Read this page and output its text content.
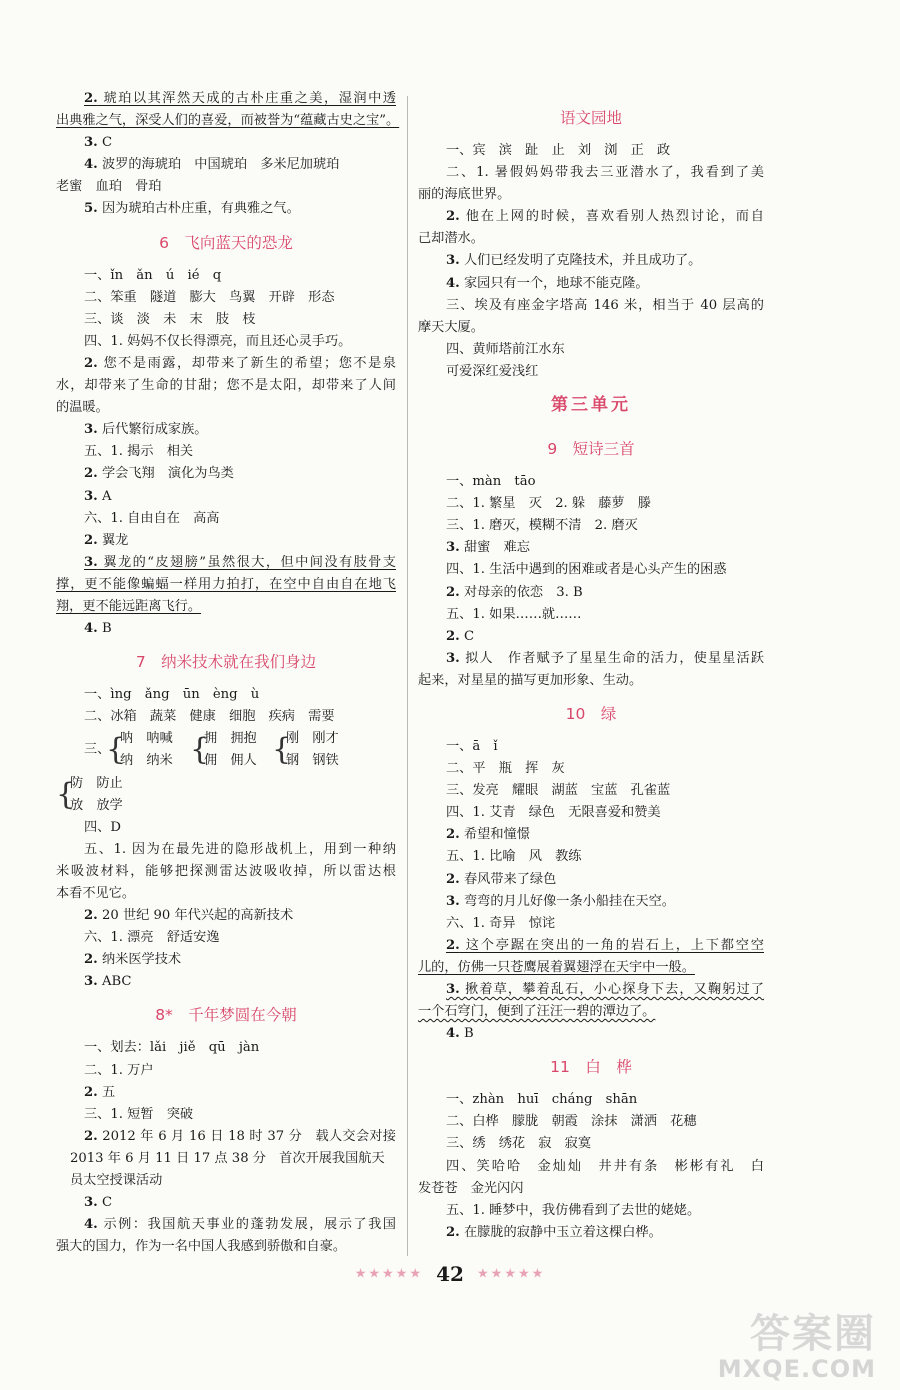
2. 琥珀以其浑然天成的古朴庄重之美，湿润中透
出典雅之气，深受人们的喜爱，而被誉为“蕴藏古史之宝”。
3. C
4. 波罗的海琥珀　中国琥珀　多米尼加琥珀
老蜜　血珀　骨珀
5. 因为琥珀古朴庄重，有典雅之气。
6　飞向蓝天的恐龙
一、ǐn　ǎn　ú　ié　q
二、笨重　隧道　膨大　鸟翼　开辟　形态
三、谈　淡　未　末　肢　枝
四、1. 妈妈不仅长得漂亮，而且还心灵手巧。
2. 您不是雨露，却带来了新生的希望；您不是泉
水，却带来了生命的甘甜；您不是太阳，却带来了人间
的温暖。
3. 后代繁衍成家族。
五、1. 揭示　相关
2. 学会飞翔　演化为鸟类
3. A
六、1. 自由自在　高高
2. 翼龙
3. 翼龙的“皮翅膀”虽然很大，但中间没有肢骨支
撑，更不能像蝙蝠一样用力拍打，在空中自由自在地飞
翔，更不能远距离飞行。
4. B
7　纳米技术就在我们身边
一、ìng　ǎng　ūn　èng　ù
二、冰箱　蔬菜　健康　细胞　疾病　需要
三、
{
呐　呐喊
纳　纳米 {
拥　拥抱
佣　佣人 {
刚　刚才
钢　钢铁
{
防　防止
放　放学
四、D
五、1. 因为在最先进的隐形战机上，用到一种纳
米吸波材料，能够把探测雷达波吸收掉，所以雷达根
本看不见它。
2. 20 世纪 90 年代兴起的高新技术
六、1. 漂亮　舒适安逸
2. 纳米医学技术
3. ABC
8*　千年梦圆在今朝
一、划去：lǎi　jiě　qū　jàn
二、1. 万户
2. 五
三、1. 短暂　突破
2. 2012 年 6 月 16 日 18 时 37 分　载人交会对接
2013 年 6 月 11 日 17 点 38 分　首次开展我国航天
员太空授课活动
3. C
4. 示例：我国航天事业的蓬勃发展，展示了我国
强大的国力，作为一名中国人我感到骄傲和自豪。
语文园地
一、宾　滨　趾　止　刘　浏　正　政
二、1. 暑假妈妈带我去三亚潜水了，我看到了美
丽的海底世界。
2. 他在上网的时候，喜欢看别人热烈讨论，而自
己却潜水。
3. 人们已经发明了克隆技术，并且成功了。
4. 家园只有一个，地球不能克隆。
三、埃及有座金字塔高 146 米，相当于 40 层高的
摩天大厦。
四、黄师塔前江水东
可爱深红爱浅红
第三单元
9　短诗三首
一、màn　tāo
二、1. 繁星　灭　2. 躲　藤萝　滕
三、1. 磨灭，模糊不清　2. 磨灭
3. 甜蜜　难忘
四、1. 生活中遇到的困难或者是心头产生的困惑
2. 对母亲的依恋　3. B
五、1. 如果……就……
2. C
3. 拟人　作者赋予了星星生命的活力，使星星活跃
起来，对星星的描写更加形象、生动。
10　绿
一、ā　ǐ
二、平　瓶　挥　灰
三、发亮　耀眼　湖蓝　宝蓝　孔雀蓝
四、1. 艾青　绿色　无限喜爱和赞美
2. 希望和憧憬
五、1. 比喻　风　教练
2. 春风带来了绿色
3. 弯弯的月儿好像一条小船挂在天空。
六、1. 奇异　惊诧
2. 这个亭踞在突出的一角的岩石上，上下都空空
儿的，仿佛一只苍鹰展着翼翅浮在天宇中一般。
3. 揪着草，攀着乱石，小心探身下去，又鞠躬过了
一个石穹门，便到了汪汪一碧的潭边了。
4. B
11　白　桦
一、zhàn　huī　cháng　shān
二、白桦　朦胧　朝霞　涂抹　潇洒　花穗
三、绣　绣花　寂　寂寞
四、笑哈哈　金灿灿　井井有条　彬彬有礼　白
发苍苍　金光闪闪
五、1. 睡梦中，我仿佛看到了去世的姥姥。
2. 在朦胧的寂静中玉立着这棵白桦。
★★★★★ 42 ★★★★★
答案圈
MXQE.COM
